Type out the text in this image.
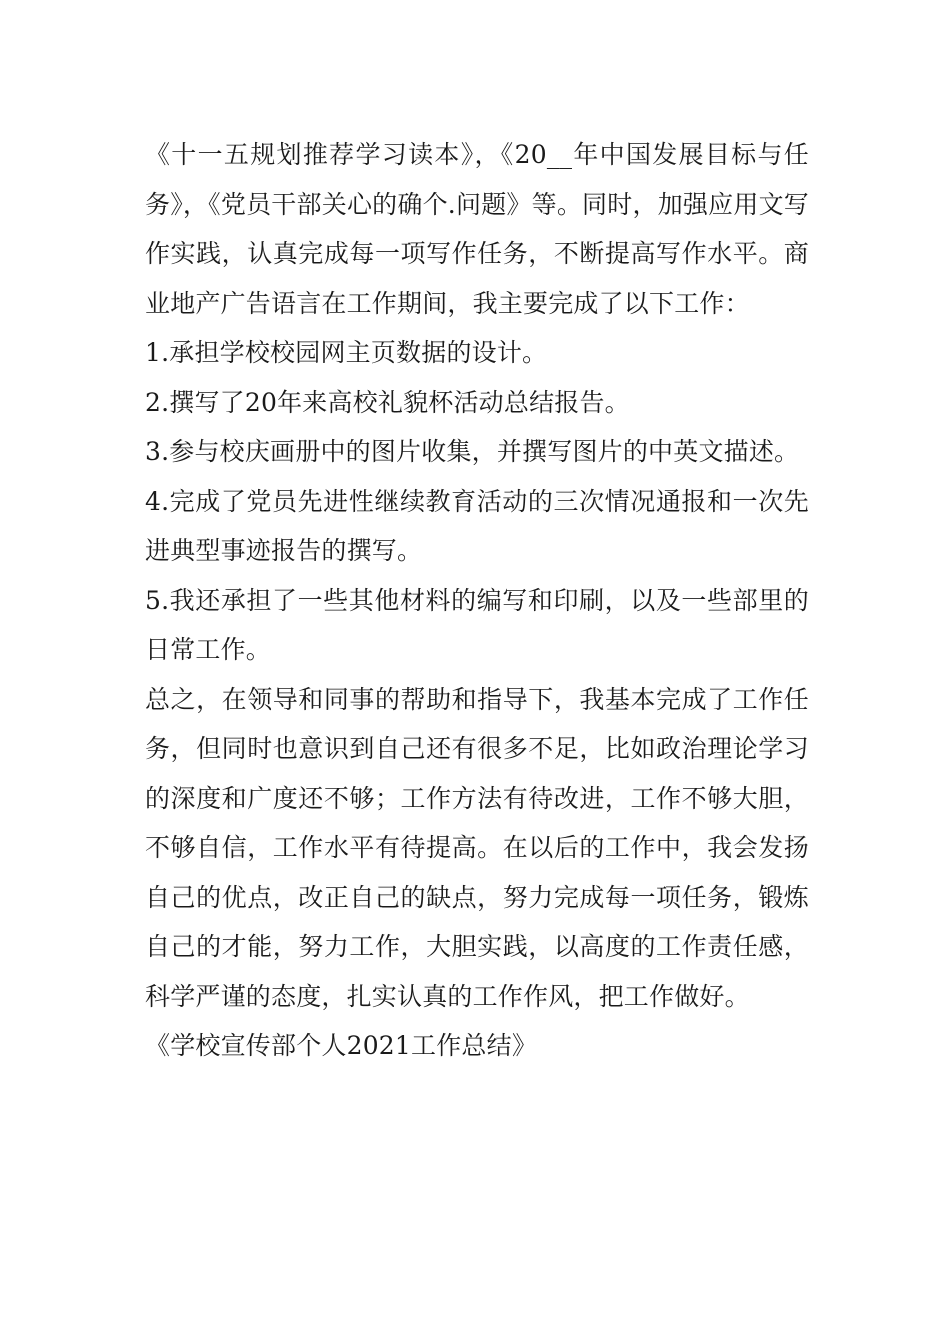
《十一五规划推荐学习读本》，《20__年中国发展目标与任务》，《党员干部关心的确个.问题》等。同时，加强应用文写作实践，认真完成每一项写作任务，不断提高写作水平。商业地产广告语言在工作期间，我主要完成了以下工作：

1.承担学校校园网主页数据的设计。

2.撰写了20年来高校礼貌杯活动总结报告。

3.参与校庆画册中的图片收集，并撰写图片的中英文描述。

4.完成了党员先进性继续教育活动的三次情况通报和一次先进典型事迹报告的撰写。

5.我还承担了一些其他材料的编写和印刷，以及一些部里的日常工作。

总之，在领导和同事的帮助和指导下，我基本完成了工作任务，但同时也意识到自己还有很多不足，比如政治理论学习的深度和广度还不够；工作方法有待改进，工作不够大胆，不够自信，工作水平有待提高。在以后的工作中，我会发扬自己的优点，改正自己的缺点，努力完成每一项任务，锻炼自己的才能，努力工作，大胆实践，以高度的工作责任感，科学严谨的态度，扎实认真的工作作风，把工作做好。

《学校宣传部个人2021工作总结》
